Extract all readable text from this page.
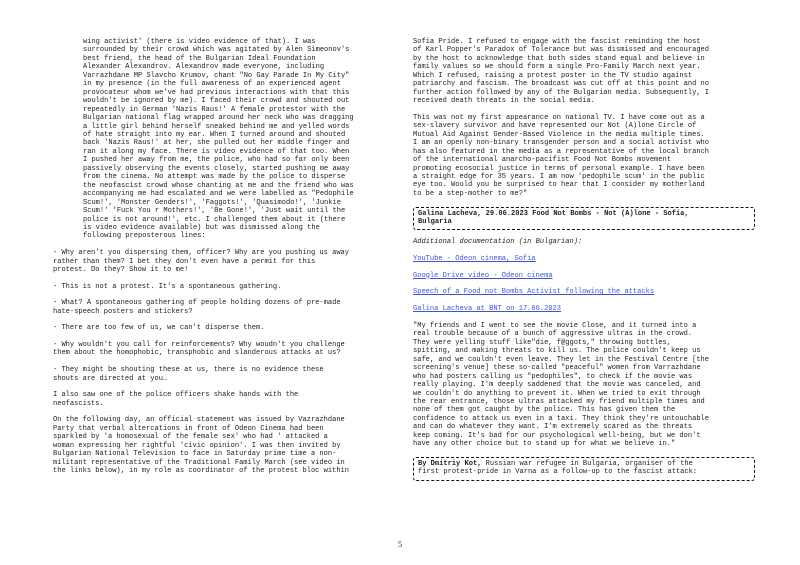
wing activist' (there is video evidence of that). I was
surrounded by their crowd which was agitated by Alen Simeonov's
best friend, the head of the Bulgarian Ideal Foundation
Alexander Alexandrov. Alexandrov made everyone, including
Varrazhdane MP Slavcho Krumov, chant "No Gay Parade In My City"
in my presence (in the full awareness of an experienced agent
provocateur whom we've had previous interactions with that this
wouldn't be ignored by me). I faced their crowd and shouted out
repeatedly in German 'Nazis Raus!' A female protestor with the
Bulgarian national flag wrapped around her neck who was dragging
a little girl behind herself sneaked behind me and yelled words
of hate straight into my ear. When I turned around and shouted
back 'Nazis Raus!' at her, she pulled out her middle finger and
ran it along my face. There is video evidence of that too. When
I pushed her away from me, the police, who had so far only been
passively observing the events closely, started pushing me away
from the cinema. No attempt was made by the police to disperse
the neofascist crowd whose chanting at me and the friend who was
accompanying me had escalated and we were labelled as "Pedophile
Scum!', 'Monster Genders!', 'Faggots!', 'Quasimodo!', 'Junkie
Scum!' 'Fuck You r Mothers!', 'Be Gone!', 'Just wait until the
police is not around!', etc. I challenged them about it (there
is video evidence available) but was dismissed along the
following preposterous lines:

- Why aren't you dispersing them, officer? Why are you pushing us away
rather than them? I bet they don't even have a permit for this
protest. Do they? Show it to me!
- This is not a protest. It's a spontaneous gathering.
- What? A spontaneous gathering of people holding dozens of pre-made
hate-speech posters and stickers?
- There are too few of us, we can't disperse them.
- Why wouldn't you call for reinforcements? Why woudn't you challenge
them about the homophobic, transphobic and slanderous attacks at us?
- They might be shouting these at us, there is no evidence these
shouts are directed at you…

I also saw one of the police officers shake hands with the
neofascists.

On the following day, an official statement was issued by Vazrazhdane
Party that verbal altercations in front of Odeon Cinema had been
sparkled by 'a homosexual of the female sex' who had ' attacked a
woman expressing her rightful 'civic opinion'. I was then invited by
Bulgarian National Television to face in Saturday prime time a non-
militant representative of the Traditional Family March (see video in
the links below), in my role as coordinator of the protest bloc within

Sofia Pride. I refused to engage with the fascist reminding the host
of Karl Popper's Paradox of Tolerance but was dismissed and encouraged
by the host to acknowledge that both sides stand equal and believe in
family values so we should form a single Pro-Family March next year.
Which I refused, raising a protest poster in the TV studio against
patriarchy and fascism. The broadcast was cut off at this point and no
further action followed by any of the Bulgarian media. Subsequently, I
received death threats in the social media.

This was not my first appearance on national TV. I have come out as a
sex-slavery survivor and have represented our Not (A)lone Circle of
Mutual Aid Against Gender-Based Violence in the media multiple times.
I am an openly non-binary transgender person and a social activist who
has also featured in the media as a representative of the local branch
of the international anarcho-pacifist Food Not Bombs movement
promoting ecosocial justice in terms of personal example. I have been
a straight edge for 35 years. I am now 'pedophile scum' in the public
eye too. Would you be surprised to hear that I consider my motherland
to be a step-mother to me?"

Galina Lacheva, 29.06.2023 Food Not Bombs - Not (A)lone - Sofia,
Bulgaria
Additional documentation (in Bulgarian):
YouTube - Odeon cinema, Sofia
Google Drive video - Odeon cinema
Speech of a Food not Bombs Activist following the attacks
Galina Lacheva at BNT on 17.06.2023

"My friends and I went to see the movie Close, and it turned into a
real trouble because of a bunch of aggressive ultras in the crowd.
They were yelling stuff like"die, f@ggots," throwing bottles,
spitting, and making threats to kill us. The police couldn't keep us
safe, and we couldn't even leave. They let in the Festival Centre [the
screening's venue] these so-called "peaceful" women from Varrazhdane
who had posters calling us "pedophiles", to check if the movie was
really playing. I'm deeply saddened that the movie was canceled, and
we couldn't do anything to prevent it. When we tried to exit through
the rear entrance, those ultras attacked my friend multiple times and
none of them got caught by the police. This has given them the
confidence to attack us even in a taxi. They think they're untouchable
and can do whatever they want. I'm extremely scared as the threats
keep coming. It's bad for our psychological well-being, but we don't
have any other choice but to stand up for what we believe in."

By Dmitriy Kot, Russian war refugee in Bulgaria, organiser of the
first protest-pride in Varna as a follow-up to the fascist attack:
5
